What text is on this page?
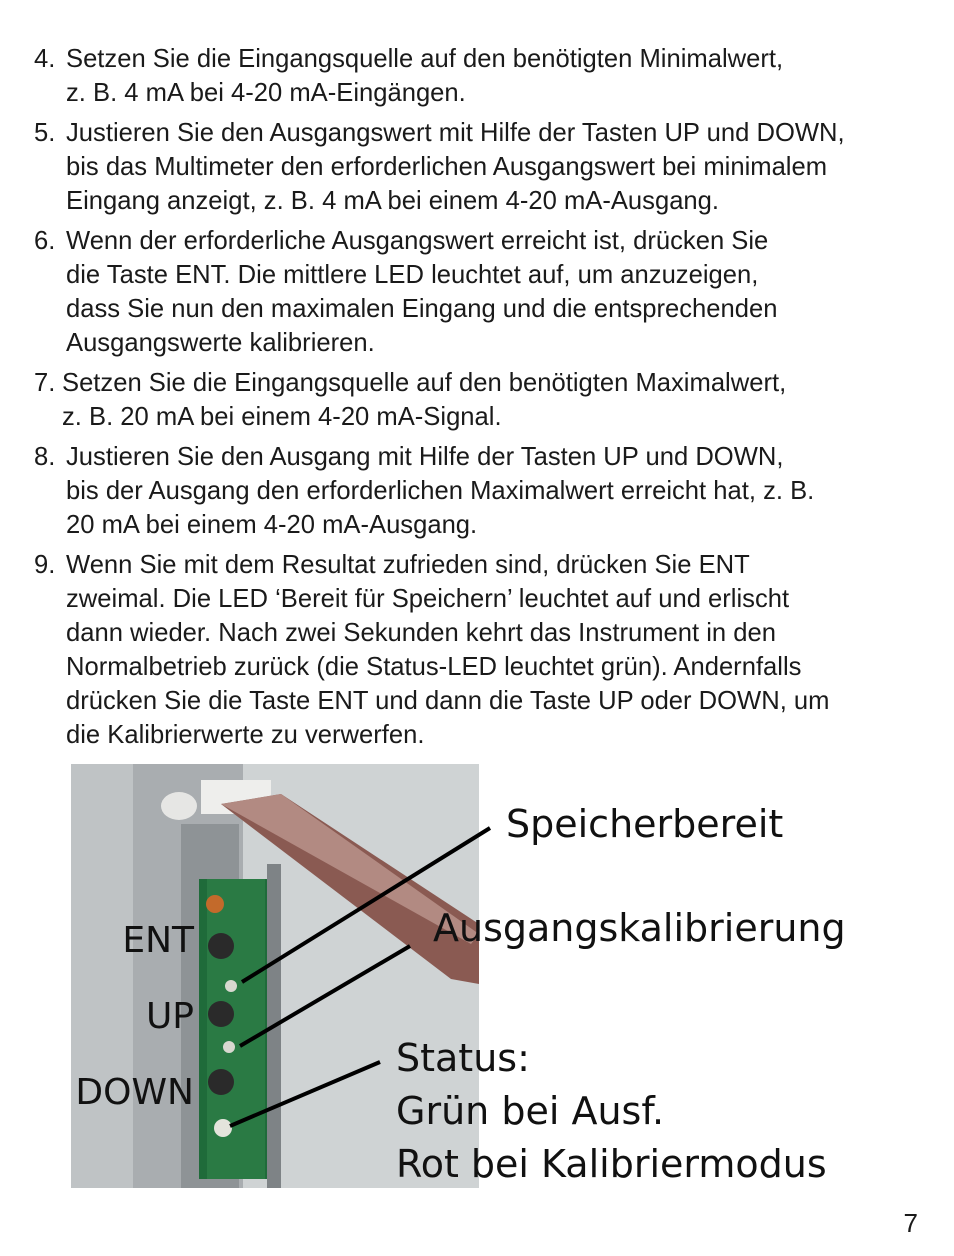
4. Setzen Sie die Eingangsquelle auf den benötigten Minimalwert,
z. B. 4 mA bei 4-20 mA-Eingängen.
5. Justieren Sie den Ausgangswert mit Hilfe der Tasten UP und DOWN,
bis das Multimeter den erforderlichen Ausgangswert bei minimalem
Eingang anzeigt, z. B. 4 mA bei einem 4-20 mA-Ausgang.
6. Wenn der erforderliche Ausgangswert erreicht ist, drücken Sie
die Taste ENT. Die mittlere LED leuchtet auf, um anzuzeigen,
dass Sie nun den maximalen Eingang und die entsprechenden
Ausgangswerte kalibrieren.
7. Setzen Sie die Eingangsquelle auf den benötigten Maximalwert,
z. B. 20 mA bei einem 4-20 mA-Signal.
8. Justieren Sie den Ausgang mit Hilfe der Tasten UP und DOWN,
bis der Ausgang den erforderlichen Maximalwert erreicht hat, z. B.
20 mA bei einem 4-20 mA-Ausgang.
9. Wenn Sie mit dem Resultat zufrieden sind, drücken Sie ENT
zweimal. Die LED ‘Bereit für Speichern’ leuchtet auf und erlischt
dann wieder. Nach zwei Sekunden kehrt das Instrument in den
Normalbetrieb zurück (die Status-LED leuchtet grün). Andernfalls
drücken Sie die Taste ENT und dann die Taste UP oder DOWN, um
die Kalibrierwerte zu verwerfen.
ENT
UP
DOWN
Speicherbereit
Ausgangskalibrierung
Status:
Grün bei Ausf.
Rot bei Kalibriermodus
7
